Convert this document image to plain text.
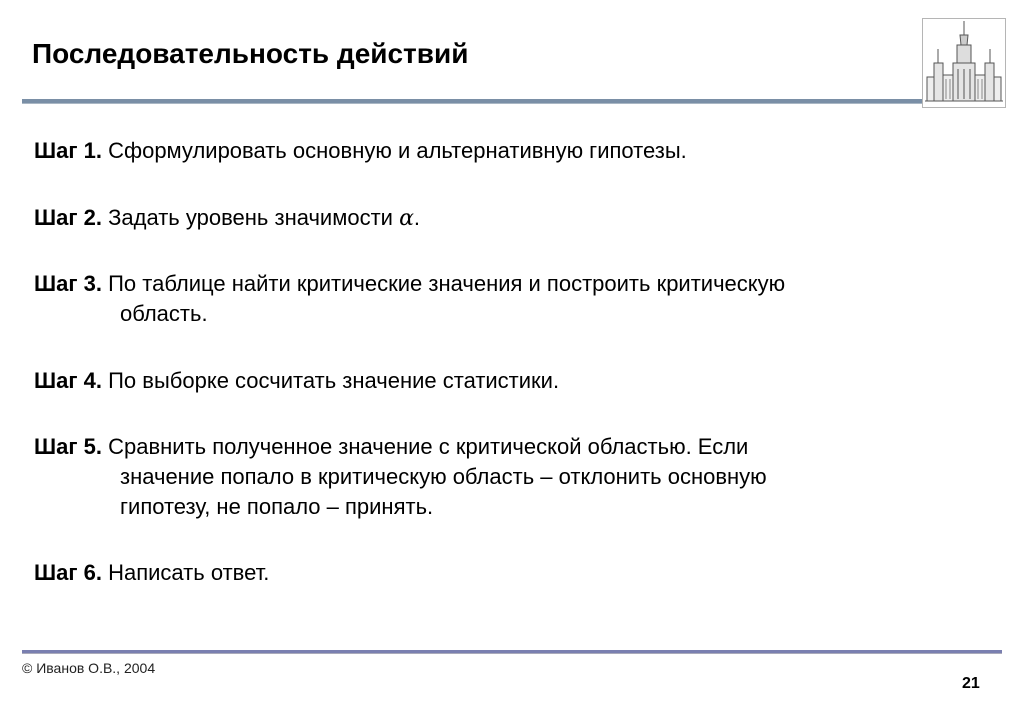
Последовательность действий
Шаг 1. Сформулировать основную и альтернативную гипотезы.
Шаг 2. Задать уровень значимости α.
Шаг 3. По таблице найти критические значения и построить критическую
область.
Шаг 4. По выборке сосчитать значение статистики.
Шаг 5. Сравнить полученное значение с критической областью. Если
значение попало в критическую область – отклонить основную
гипотезу, не попало – принять.
Шаг 6. Написать ответ.
© Иванов О.В., 2004
21
